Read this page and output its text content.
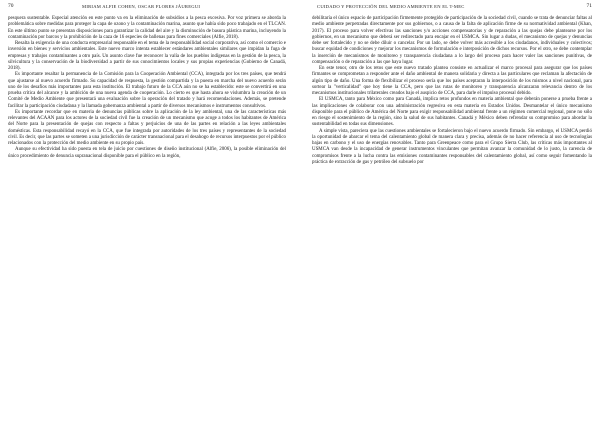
70	MIRIAM ALFIE COHEN, OSCAR FLORES JÁUREGUI

pesquera sustentable. Especial atención en este punto va en la eliminación de subsidios a la pesca excesiva. Por voz primera se aborda la problemática sobre medidas para proteger la capa de ozono y la contaminación marina, asunto que había sido poco trabajado en el TLCAN. En este último punto se presentan disposiciones para garantizar la calidad del aire y la disminución de basura plástica marina, incluyendo la contaminación por barcos y la prohibición de la caza de 16 especies de ballenas para fines comerciales (Alfie, 2018).

Resalta la exigencia de una conducta empresarial responsable en el tema de la responsabilidad social corporativa, así como el comercio e inversión en bienes y servicios ambientales. Este nuevo marco intenta establecer estándares ambientales similares que impidan la fuga de empresas y trabajos contaminantes a otro país. Un asunto clave fue reconocer la valía de los pueblos indígenas en la gestión de la pesca, la silvicultura y la conservación de la biodiversidad a partir de sus conocimientos locales y sus propias experiencias (Gobierno de Canadá, 2018).

Es importante resaltar la permanencia de la Comisión para la Cooperación Ambiental (CCA), integrada por los tres países, que tendrá que ajustarse al nuevo acuerdo firmado. Su capacidad de respuesta, la gestión compartida y la puesta en marcha del nuevo acuerdo serán uno de los desafíos más importantes para esta institución. El trabajo futuro de la CCA aún no se ha establecido: este se convertirá en una prueba crítica del alcance y la ambición de una nueva agenda de cooperación. Lo cierto es que hasta ahora se vislumbra la creación de un Comité de Medio Ambiente que presentará una evaluación sobre la operación del tratado y hará recomendaciones. Además, se pretende facilitar la participación ciudadana y la llamada gobernanza ambiental a partir de diversos mecanismos e instrumentos consultivos.

Es importante recordar que en materia de denuncias públicas sobre la aplicación de la ley ambiental, una de las características más relevantes del ACAAN para los actores de la sociedad civil fue la creación de un mecanismo que acoge a todos los habitantes de América del Norte para la presentación de quejas con respecto a faltas y perjuicios de una de las partes en relación a las leyes ambientales domésticas. Esta responsabilidad recayó en la CCA, que fue integrada por autoridades de los tres países y representantes de la sociedad civil. Es decir, que las partes se someten a una jurisdicción de carácter transnacional para el desahogo de recursos interpuestos por el público relacionados con la protección del medio ambiente en su propio país.

Aunque su efectividad ha sido puesta en tela de juicio por cuestiones de diseño institucional (Alfie, 2006), la posible eliminación del único procedimiento de denuncia supranacional disponible para el público en la región,

CUIDADO Y PROTECCIÓN DEL MEDIO AMBIENTE EN EL T-MEC	71

debilitaría el único espacio de participación firmemente protegido de participación de la sociedad civil, cuando se trata de denunciar faltas al medio ambiente perpetradas directamente por sus gobiernos, o a causa de la falta de aplicación firme de su normatividad ambiental (Khan, 2017). El proceso para volver efectivas las sanciones y/o acciones compensatorias y de reparación a las quejas debe plantearse por los gobiernos, en un mecanismo que deberá ser redirectado para encajar en el USMCA. Sin lugar a dudas, el mecanismo de quejas y denuncias debe ser fortalecido y no se debe diluir o cancelar. Por un lado, se debe volver más accesible a los ciudadanos, individuales y colectivos; buscar equidad de condiciones y mejorar los mecanismos de formulación e interposición de dichos recursos. Por el otro, se debe contemplar la inserción de mecanismos de monitoreo y transparencia ciudadana a lo largo del proceso para hacer valer las sanciones punitivas, de compensación o de reparación a las que haya lugar.

En este tenor, otro de los retos que este nuevo tratado plantea consiste en actualizar el marco procesal para asegurar que los países firmantes se comprometan a responder ante el daño ambiental de manera solidaria y directa a las particulares que reclaman la afectación de algún tipo de daño. Una forma de flexibilizar el proceso sería que los países aceptaran la interposición de los mismos a nivel nacional, para sortear la "verticalidad" que hoy tiene la CCA, pero que las rutas de monitoreo y transparencia alcanzaran relevancia dentro de los mecanismos institucionales trilaterales creados bajo el auspicio de CCA, para darle el impulso procesal debido.

El USMCA, tanto para México como para Canadá, implica retos profundos en materia ambiental que deberán ponerse a prueba frente a las implicaciones de colaborar con una administración regresiva en esta materia en Estados Unidos. Desmantelar el único mecanismo disponible para el público de América del Norte para exigir responsabilidad ambiental frente a un régimen comercial regional, pone no sólo en riesgo el sostenimiento de la región, sino la salud de sus habitantes. Canadá y México deben refrendar su compromiso para abordar la sustentabilidad en todas sus dimensiones.

A simple vista, pareciera que las cuestiones ambientales se fortalecieron bajo el nuevo acuerdo firmado. Sin embargo, el USMCA perdió la oportunidad de abarcar el tema del calentamiento global de manera clara y precisa, además de no hacer referencia al uso de tecnologías bajas en carbono y el uso de energías renovables. Tanto para Greenpeace como para el Grupo Sierra Club, las críticas más importantes al USMCA van desde la incapacidad de generar instrumentos vinculantes que permitan avanzar la comunidad de lo justo, la carencia de compromisos frente a la lucha contra las emisiones contaminantes responsables del calentamiento global, así como seguir fomentando la práctica de extracción de gas y petróleo del subsuelo por
